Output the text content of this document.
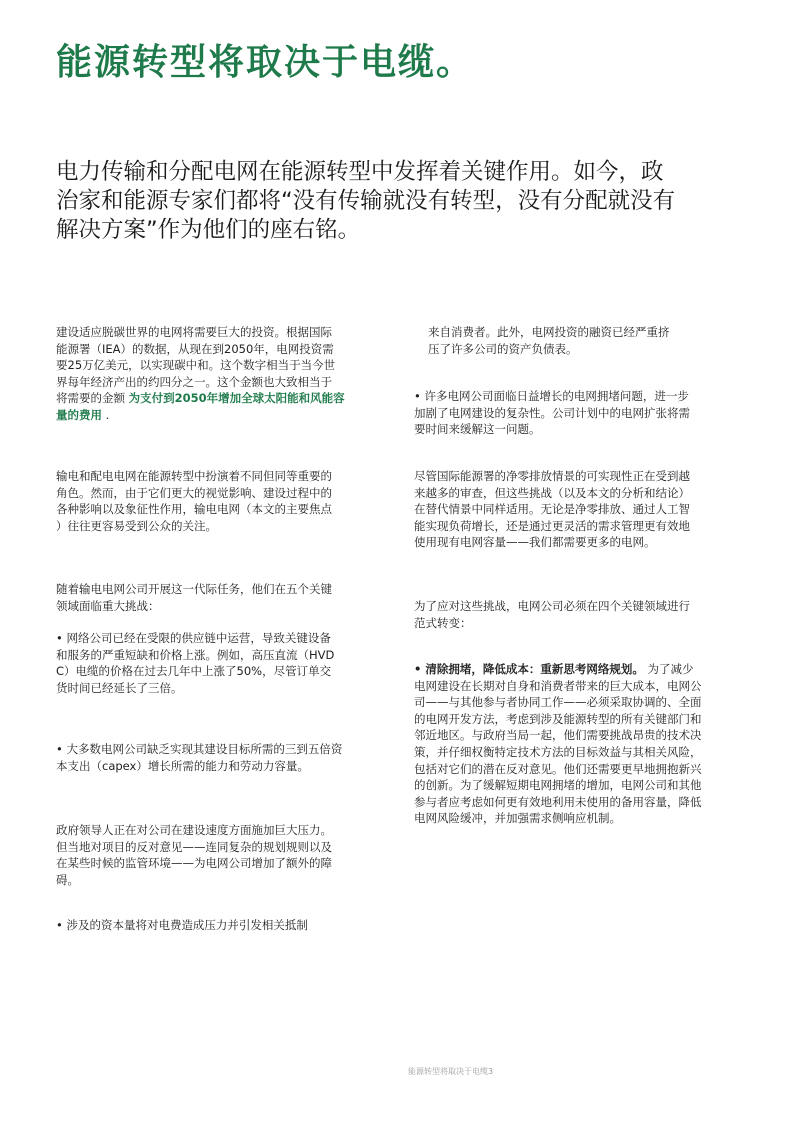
能源转型将取决于电缆。
电力传输和分配电网在能源转型中发挥着关键作用。如今，政
治家和能源专家们都将“没有传输就没有转型，没有分配就没有
解决方案”作为他们的座右铭。
建设适应脱碳世界的电网将需要巨大的投资。根据国际
能源署（IEA）的数据，从现在到2050年，电网投资需
要25万亿美元，以实现碳中和。这个数字相当于当今世
界每年经济产出的约四分之一。这个金额也大致相当于
将需要的金额 为支付到2050年增加全球太阳能和风能容
量的费用 .
输电和配电电网在能源转型中扮演着不同但同等重要的
角色。然而，由于它们更大的视觉影响、建设过程中的
各种影响以及象征性作用，输电电网（本文的主要焦点
）往往更容易受到公众的关注。
随着输电电网公司开展这一代际任务，他们在五个关键
领域面临重大挑战：
• 网络公司已经在受限的供应链中运营，导致关键设备
和服务的严重短缺和价格上涨。例如，高压直流（HVD
C）电缆的价格在过去几年中上涨了50%，尽管订单交
货时间已经延长了三倍。
• 大多数电网公司缺乏实现其建设目标所需的三到五倍资
本支出（capex）增长所需的能力和劳动力容量。
政府领导人正在对公司在建设速度方面施加巨大压力。
但当地对项目的反对意见——连同复杂的规划规则以及
在某些时候的监管环境——为电网公司增加了额外的障
碍。
• 涉及的资本量将对电费造成压力并引发相关抵制
来自消费者。此外，电网投资的融资已经严重挤
压了许多公司的资产负债表。
• 许多电网公司面临日益增长的电网拥堵问题，进一步
加剧了电网建设的复杂性。公司计划中的电网扩张将需
要时间来缓解这一问题。
尽管国际能源署的净零排放情景的可实现性正在受到越
来越多的审查，但这些挑战（以及本文的分析和结论）
在替代情景中同样适用。无论是净零排放、通过人工智
能实现负荷增长，还是通过更灵活的需求管理更有效地
使用现有电网容量——我们都需要更多的电网。
为了应对这些挑战，电网公司必须在四个关键领域进行
范式转变：
• 清除拥堵，降低成本：重新思考网络规划。 为了减少
电网建设在长期对自身和消费者带来的巨大成本，电网公
司——与其他参与者协同工作——必须采取协调的、全面
的电网开发方法，考虑到涉及能源转型的所有关键部门和
邻近地区。与政府当局一起，他们需要挑战昂贵的技术决
策，并仔细权衡特定技术方法的目标效益与其相关风险，
包括对它们的潜在反对意见。他们还需要更早地拥抱新兴
的创新。为了缓解短期电网拥堵的增加，电网公司和其他
参与者应考虑如何更有效地利用未使用的备用容量，降低
电网风险缓冲，并加强需求侧响应机制。
能源转型将取决于电缆3
